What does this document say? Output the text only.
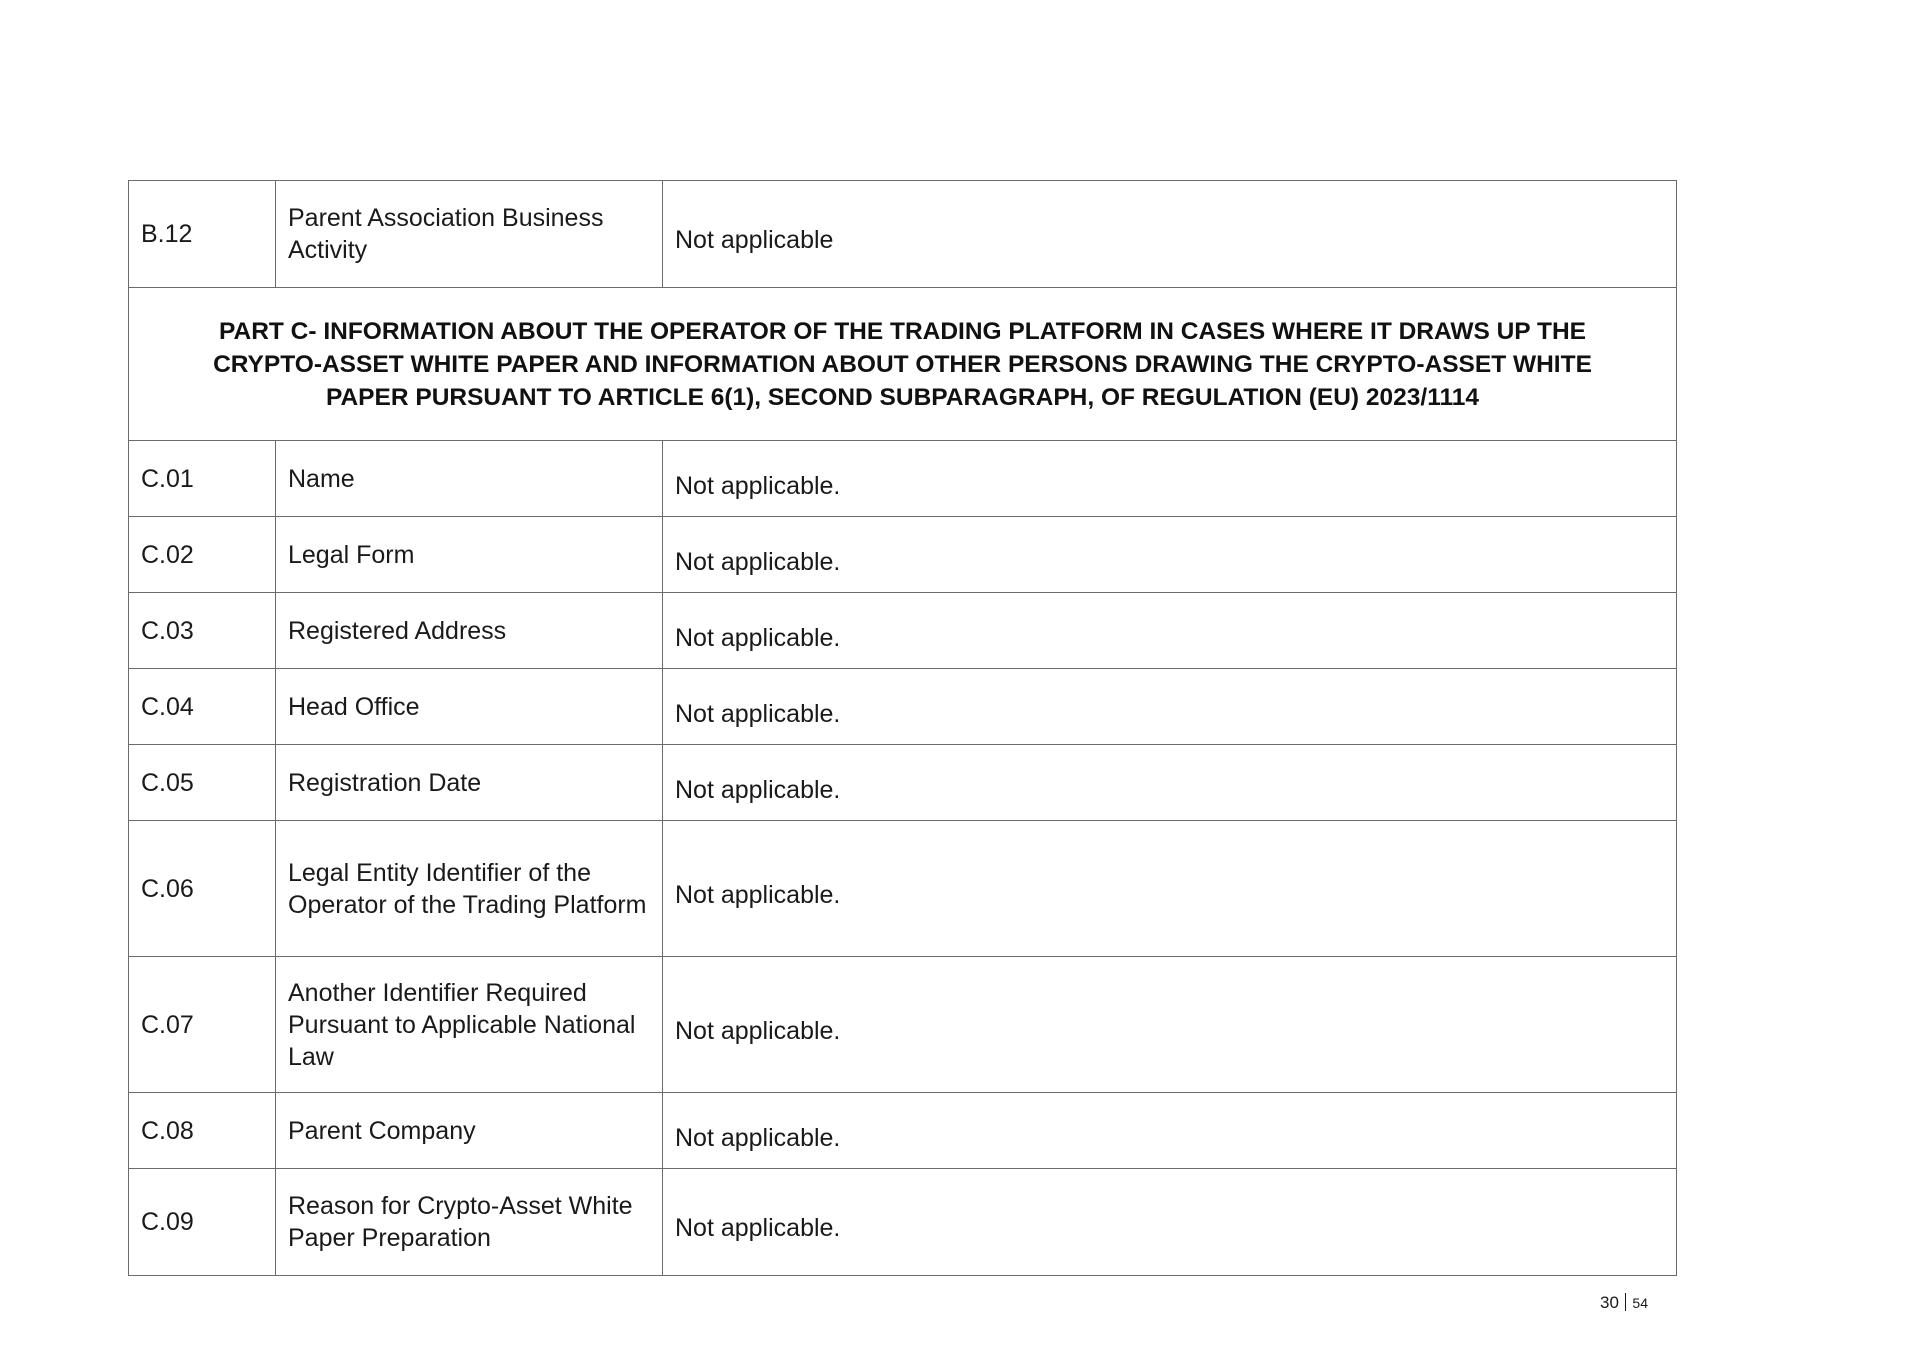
B.12	Parent Association Business Activity	Not applicable
PART C- INFORMATION ABOUT THE OPERATOR OF THE TRADING PLATFORM IN CASES WHERE IT DRAWS UP THE CRYPTO-ASSET WHITE PAPER AND INFORMATION ABOUT OTHER PERSONS DRAWING THE CRYPTO-ASSET WHITE PAPER PURSUANT TO ARTICLE 6(1), SECOND SUBPARAGRAPH, OF REGULATION (EU) 2023/1114		
C.01	Name	Not applicable.
C.02	Legal Form	Not applicable.
C.03	Registered Address	Not applicable.
C.04	Head Office	Not applicable.
C.05	Registration Date	Not applicable.
C.06	Legal Entity Identifier of the Operator of the Trading Platform	Not applicable.
C.07	Another Identifier Required Pursuant to Applicable National Law	Not applicable.
C.08	Parent Company	Not applicable.
C.09	Reason for Crypto-Asset White Paper Preparation	Not applicable.
30 54
